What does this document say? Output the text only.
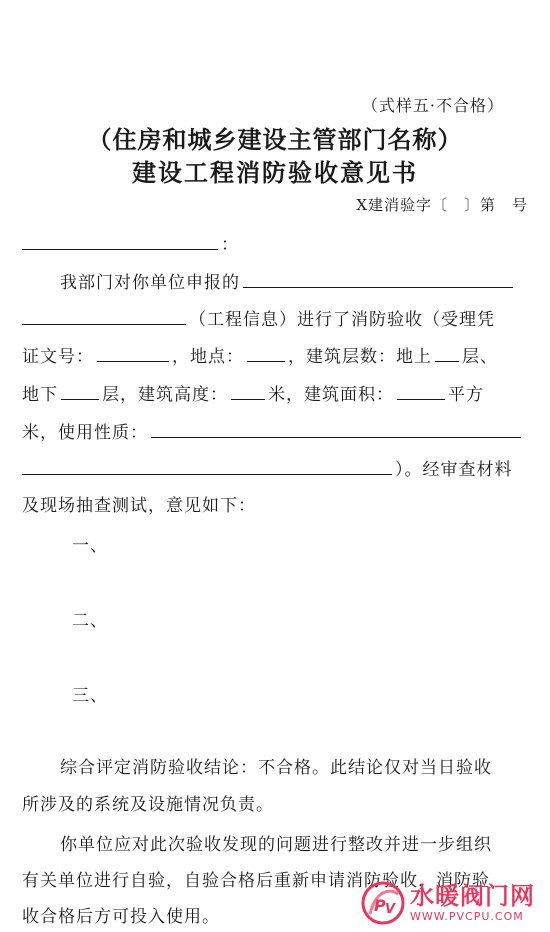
（式样五·不合格）
（住房和城乡建设主管部门名称）
建设工程消防验收意见书
X建消验字〔　〕第　号
：
我部门对你单位申报的
（工程信息）进行了消防验收（受理凭
证文号：	，地点：	，建筑层数：地上 层、
地下	层，建筑高度： 米，建筑面积：	平方
米，使用性质：
）。经审查材料
及现场抽查测试，意见如下：
一、
二、
三、
综合评定消防验收结论：不合格。此结论仅对当日验收
所涉及的系统及设施情况负责。
你单位应对此次验收发现的问题进行整改并进一步组织
有关单位进行自验，自验合格后重新申请消防验收，消防验
收合格后方可投入使用。
P V 水暖阀门网
WWW.PVCPU.COM
